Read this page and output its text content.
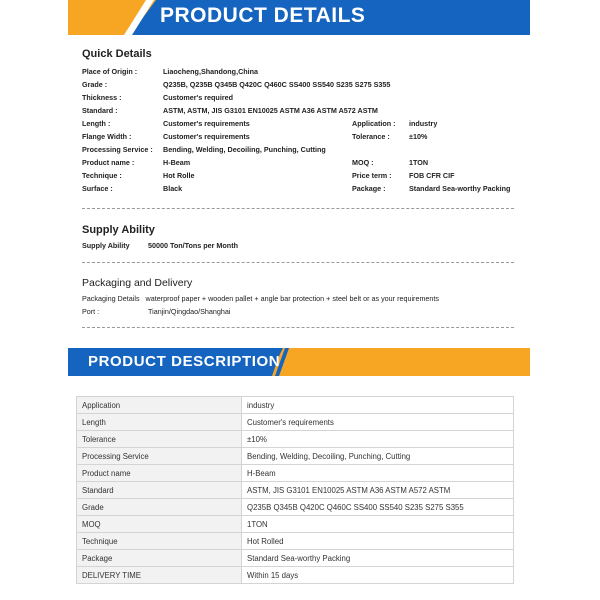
PRODUCT DETAILS
Quick Details
Place of Origin :	Liaocheng,Shandong,China
Grade :	Q235B, Q235B Q345B Q420C Q460C SS400 SS540 S235 S275 S355
Thickness :	Customer's required
Standard :	ASTM, ASTM, JIS G3101 EN10025 ASTM A36 ASTM A572 ASTM
Length :	Customer's requirements	Application : industry
Flange Width :	Customer's requirements	Tolerance :	±10%
Processing Service : Bending, Welding, Decoiling, Punching, Cutting
Product name :	H-Beam	MOQ :	1TON
Technique :	Hot Rolle	Price term : FOB CFR CIF
Surface :	Black	Package :	Standard Sea-worthy Packing
Supply Ability
Supply Ability	50000 Ton/Tons per Month
Packaging and Delivery
Packaging Details waterproof paper + wooden pallet + angle bar protection + steel belt or as your requirements
Port :	Tianjin/Qingdao/Shanghai
PRODUCT DESCRIPTION
Application	industry
Length	Customer's requirements
Tolerance	±10%
Processing Service	Bending, Welding, Decoiling, Punching, Cutting
Product name	H-Beam
Standard	ASTM, JIS G3101 EN10025 ASTM A36 ASTM A572 ASTM
Grade	Q235B Q345B Q420C Q460C SS400 SS540 S235 S275 S355
MOQ	1TON
Technique	Hot Rolled
Package	Standard Sea-worthy Packing
DELIVERY TIME	Within 15 days
